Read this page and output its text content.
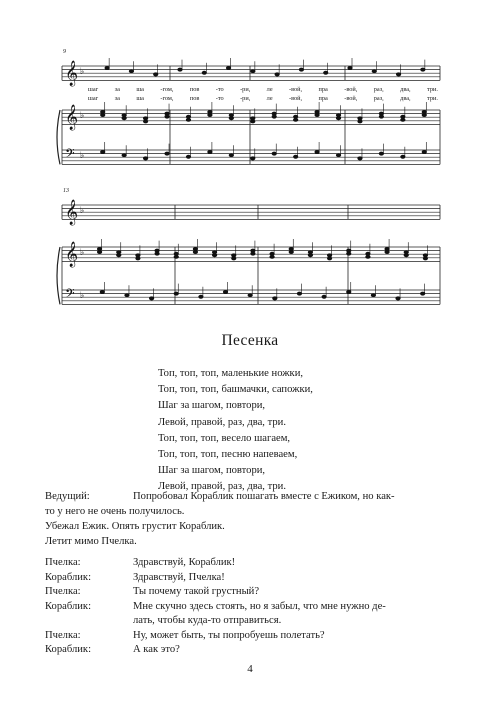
𝄞 ♭
𝄞 ♭
𝄢 ♭
𝄞 ♭
𝄞 ♭
𝄢 ♭
9
13
шаг	за	ша	-гом,	пов	-то	-ри,	ле	-вой,	пра	-вой,	раз,	два,	три.
шаг	за	ша	-гом,	пов	-то	-ри,	ле	-вой,	пра	-вой,	раз,	два,	три.
Песенка
Топ, топ, топ, маленькие ножки,
Топ, топ, топ, башмачки, сапожки,
Шаг за шагом, повтори,
Левой, правой, раз, два, три.
Топ, топ, топ, весело шагаем,
Топ, топ, топ, песню напеваем,
Шаг за шагом, повтори,
Левой, правой, раз, два, три.
Ведущий:	Попробовал Кораблик пошагать вместе с Ежиком, но как-
то у него не очень получилось.
Убежал Ежик. Опять грустит Кораблик.
Летит мимо Пчелка.
Пчелка:	Здравствуй, Кораблик!
Кораблик:	Здравствуй, Пчелка!
Пчелка:	Ты почему такой грустный?
Кораблик:	Мне скучно здесь стоять, но я забыл, что мне нужно де-
лать, чтобы куда-то отправиться.
Пчелка:	Ну, может быть, ты попробуешь полетать?
Кораблик:	А как это?
4
